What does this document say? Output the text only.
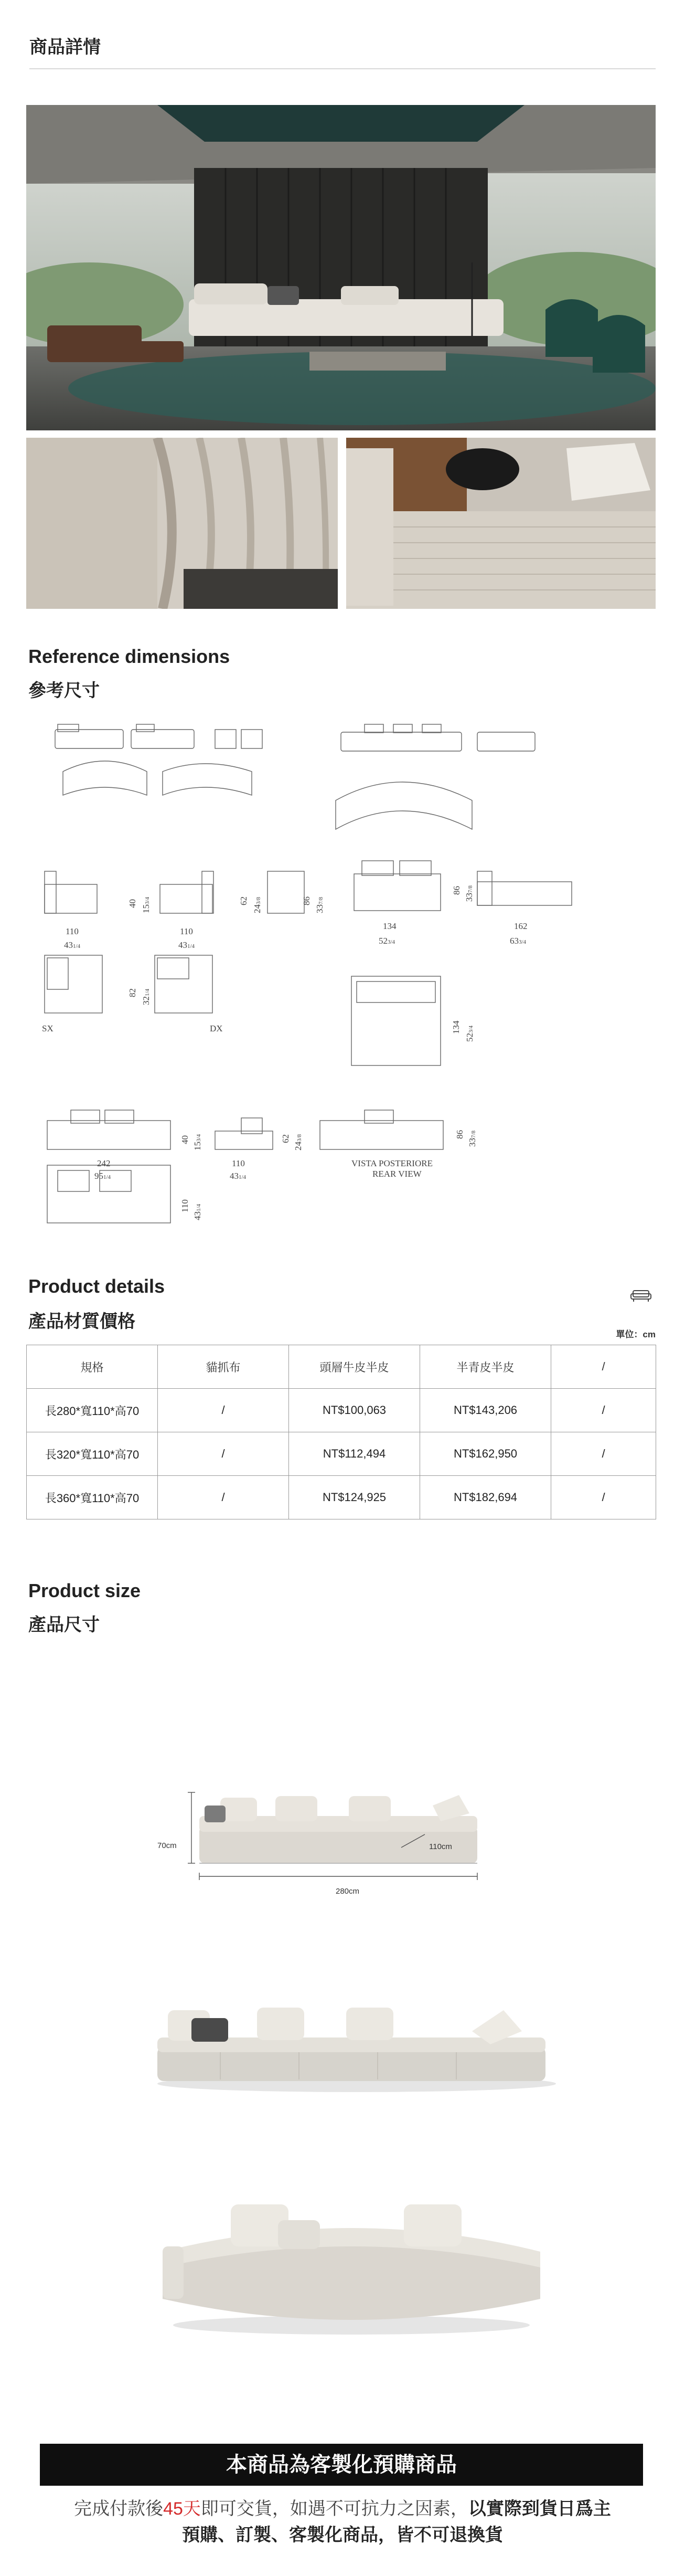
商品詳情
Reference dimensions
參考尺寸
110
431/4
110
431/4
40
153/4	62
243/8	86
337/8
134
523/4
86
337/8
162
633/4
82
321/4
SX	DX	134
523/4
242
951/4
40
153/4
110
431/4
62
243/8	86
337/8
VISTA POSTERIORE
REAR VIEW
110
431/4
Product details
產品材質價格
單位：cm
規格	貓抓布	頭層牛皮半皮	半青皮半皮	/
長280*寬110*高70	/	NT$100,063	NT$143,206	/
長320*寬110*高70	/	NT$112,494	NT$162,950	/
長360*寬110*高70	/	NT$124,925	NT$182,694	/
Product size
產品尺寸
70cm	110cm
280cm
本商品為客製化預購商品
完成付款後45天即可交貨，如遇不可抗力之因素，以實際到貨日爲主
預購、訂製、客製化商品，皆不可退換貨
